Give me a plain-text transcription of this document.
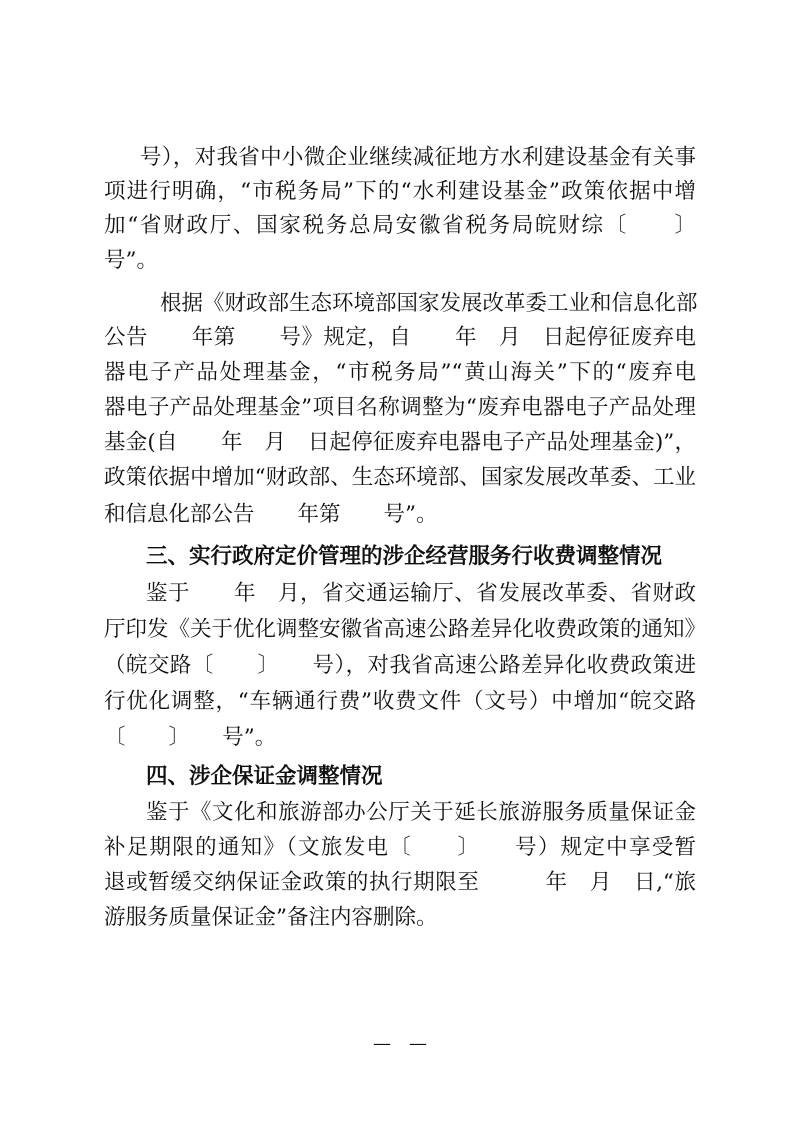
号），对我省中小微企业继续减征地方水利建设基金有关事
项进行明确，“市税务局”下的“水利建设基金”政策依据中增
加“省财政厅、国家税务总局安徽省税务局皖财综〔　　〕
号”。
根据《财政部生态环境部国家发展改革委工业和信息化部
公告　　年第　　号》规定，自　　年　月　日起停征废弃电
器电子产品处理基金，“市税务局”“黄山海关”下的“废弃电
器电子产品处理基金”项目名称调整为“废弃电器电子产品处理
基金(自　　年　月　日起停征废弃电器电子产品处理基金)”，
政策依据中增加“财政部、生态环境部、国家发展改革委、工业
和信息化部公告　　年第　　号”。
三、实行政府定价管理的涉企经营服务行收费调整情况
鉴于　　年　月，省交通运输厅、省发展改革委、省财政
厅印发《关于优化调整安徽省高速公路差异化收费政策的通知》
（皖交路〔　　〕　　号），对我省高速公路差异化收费政策进
行优化调整，“车辆通行费”收费文件（文号）中增加“皖交路
〔　　〕　　号”。
四、涉企保证金调整情况
鉴于《文化和旅游部办公厅关于延长旅游服务质量保证金
补足期限的通知》（文旅发电〔　　〕　　号）规定中享受暂
退或暂缓交纳保证金政策的执行期限至　　　年　月　日,“旅
游服务质量保证金”备注内容删除。
—　—
